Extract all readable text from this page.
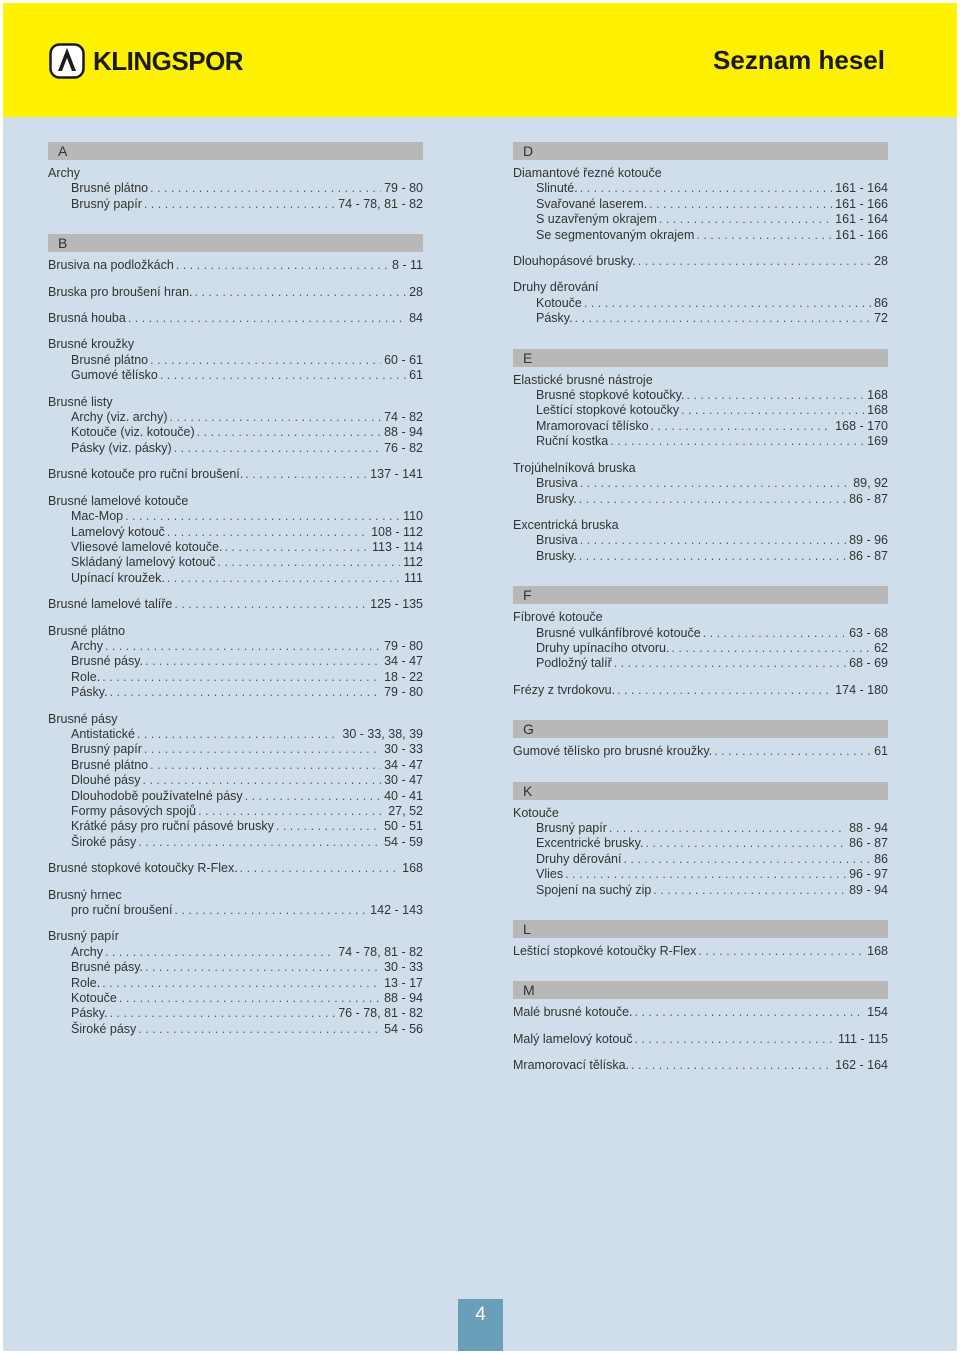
KLINGSPOR	Seznam hesel
A
Archy
Brusné plátno . . .	79 - 80
Brusný papír . . .	74 - 78, 81 - 82
B
Brusiva na podložkách . . .	8 - 11
Bruska pro broušení hran. . . .	28
Brusná houba . . .	84
Brusné kroužky
Brusné plátno . . .	60 - 61
Gumové tělísko . . .	61
Brusné listy
Archy (viz. archy) . . .	74 - 82
Kotouče (viz. kotouče) . . .	88 - 94
Pásky (viz. pásky) . . .	76 - 82
Brusné kotouče pro ruční broušení. . . .	137 - 141
Brusné lamelové kotouče
Mac-Mop . . .	110
Lamelový kotouč . . .	108 - 112
Vliesové lamelové kotouče. . . .	113 - 114
Skládaný lamelový kotouč . . .	112
Upínací kroužek. . . .	111
Brusné lamelové talíře . . .	125 - 135
Brusné plátno
Archy . . .	79 - 80
Brusné pásy. . . .	34 - 47
Role. . . .	18 - 22
Pásky. . . .	79 - 80
Brusné pásy
Antistatické . . .	30 - 33, 38, 39
Brusný papír . . .	30 - 33
Brusné plátno . . .	34 - 47
Dlouhé pásy . . .	30 - 47
Dlouhodobě používatelné pásy . . .	40 - 41
Formy pásových spojů . . .	27, 52
Krátké pásy pro ruční pásové brusky . . .	50 - 51
Široké pásy . . .	54 - 59
Brusné stopkové kotoučky R-Flex. . . .	168
Brusný hrnec
pro ruční broušení . . .	142 - 143
Brusný papír
Archy . . .	74 - 78, 81 - 82
Brusné pásy. . . .	30 - 33
Role. . . .	13 - 17
Kotouče . . .	88 - 94
Pásky. . . .	76 - 78, 81 - 82
Široké pásy . . .	54 - 56
D
Diamantové řezné kotouče
Slinuté. . . .	161 - 164
Svařované laserem. . . .	161 - 166
S uzavřeným okrajem . . .	161 - 164
Se segmentovaným okrajem . . .	161 - 166
Dlouhopásové brusky. . . .	28
Druhy děrování
Kotouče . . .	86
Pásky. . . .	72
E
Elastické brusné nástroje
Brusné stopkové kotoučky. . . .	168
Leštící stopkové kotoučky . . .	168
Mramorovací tělísko . . .	168 - 170
Ruční kostka . . .	169
Trojúhelníková bruska
Brusiva . . .	89, 92
Brusky. . . .	86 - 87
Excentrická bruska
Brusiva . . .	89 - 96
Brusky. . . .	86 - 87
F
Fíbrové kotouče
Brusné vulkánfíbrové kotouče . . .	63 - 68
Druhy upínacího otvoru. . . .	62
Podložný talíř . . .	68 - 69
Frézy z tvrdokovu. . . .	174 - 180
G
Gumové tělísko pro brusné kroužky. . . .	61
K
Kotouče
Brusný papír . . .	88 - 94
Excentrické brusky. . . .	86 - 87
Druhy děrování . . .	86
Vlies . . .	96 - 97
Spojení na suchý zip . . .	89 - 94
L
Leštící stopkové kotoučky R-Flex . . .	168
M
Malé brusné kotouče. . . .	154
Malý lamelový kotouč . . .	111 - 115
Mramorovací tělíska. . . .	162 - 164
4
